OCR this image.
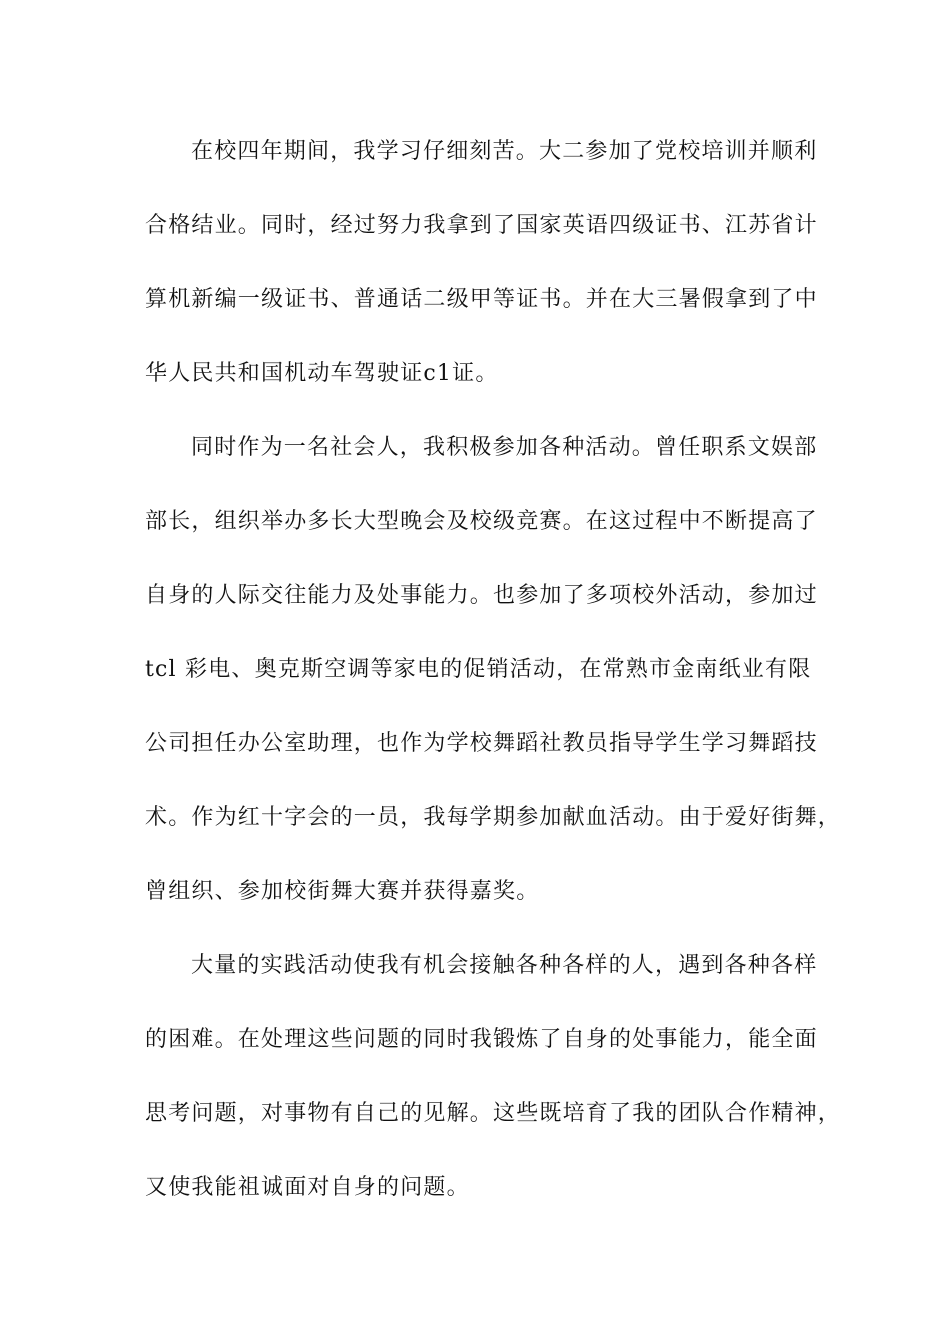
在校四年期间，我学习仔细刻苦。大二参加了党校培训并顺利
合格结业。同时，经过努力我拿到了国家英语四级证书、江苏省计
算机新编一级证书、普通话二级甲等证书。并在大三暑假拿到了中
华人民共和国机动车驾驶证c1证。
同时作为一名社会人，我积极参加各种活动。曾任职系文娱部
部长，组织举办多长大型晚会及校级竞赛。在这过程中不断提高了
自身的人际交往能力及处事能力。也参加了多项校外活动，参加过
tcl 彩电、奥克斯空调等家电的促销活动，在常熟市金南纸业有限
公司担任办公室助理，也作为学校舞蹈社教员指导学生学习舞蹈技
术。作为红十字会的一员，我每学期参加献血活动。由于爱好街舞，
曾组织、参加校街舞大赛并获得嘉奖。
大量的实践活动使我有机会接触各种各样的人，遇到各种各样
的困难。在处理这些问题的同时我锻炼了自身的处事能力，能全面
思考问题，对事物有自己的见解。这些既培育了我的团队合作精神，
又使我能祖诚面对自身的问题。
